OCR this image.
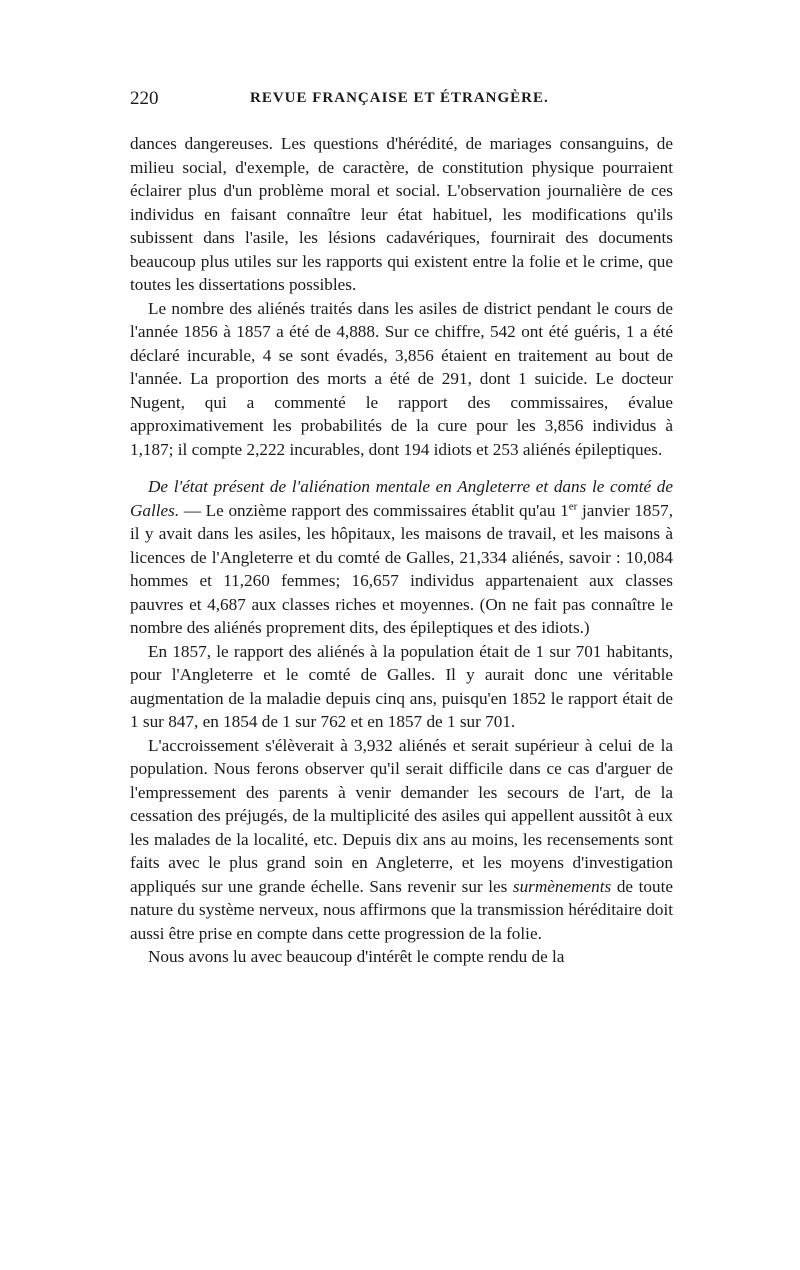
220	REVUE FRANÇAISE ET ÉTRANGÈRE.

dances dangereuses. Les questions d'hérédité, de mariages consanguins, de milieu social, d'exemple, de caractère, de constitution physique pourraient éclairer plus d'un problème moral et social. L'observation journalière de ces individus en faisant connaître leur état habituel, les modifications qu'ils subissent dans l'asile, les lésions cadavériques, fournirait des documents beaucoup plus utiles sur les rapports qui existent entre la folie et le crime, que toutes les dissertations possibles.

Le nombre des aliénés traités dans les asiles de district pendant le cours de l'année 1856 à 1857 a été de 4,888. Sur ce chiffre, 542 ont été guéris, 1 a été déclaré incurable, 4 se sont évadés, 3,856 étaient en traitement au bout de l'année. La proportion des morts a été de 291, dont 1 suicide. Le docteur Nugent, qui a commenté le rapport des commissaires, évalue approximativement les probabilités de la cure pour les 3,856 individus à 1,187; il compte 2,222 incurables, dont 194 idiots et 253 aliénés épileptiques.

De l'état présent de l'aliénation mentale en Angleterre et dans le comté de Galles. — Le onzième rapport des commissaires établit qu'au 1er janvier 1857, il y avait dans les asiles, les hôpitaux, les maisons de travail, et les maisons à licences de l'Angleterre et du comté de Galles, 21,334 aliénés, savoir : 10,084 hommes et 11,260 femmes; 16,657 individus appartenaient aux classes pauvres et 4,687 aux classes riches et moyennes. (On ne fait pas connaître le nombre des aliénés proprement dits, des épileptiques et des idiots.)

En 1857, le rapport des aliénés à la population était de 1 sur 701 habitants, pour l'Angleterre et le comté de Galles. Il y aurait donc une véritable augmentation de la maladie depuis cinq ans, puisqu'en 1852 le rapport était de 1 sur 847, en 1854 de 1 sur 762 et en 1857 de 1 sur 701.

L'accroissement s'élèverait à 3,932 aliénés et serait supérieur à celui de la population. Nous ferons observer qu'il serait difficile dans ce cas d'arguer de l'empressement des parents à venir demander les secours de l'art, de la cessation des préjugés, de la multiplicité des asiles qui appellent aussitôt à eux les malades de la localité, etc. Depuis dix ans au moins, les recensements sont faits avec le plus grand soin en Angleterre, et les moyens d'investigation appliqués sur une grande échelle. Sans revenir sur les surmènements de toute nature du système nerveux, nous affirmons que la transmission héréditaire doit aussi être prise en compte dans cette progression de la folie.

Nous avons lu avec beaucoup d'intérêt le compte rendu de la
